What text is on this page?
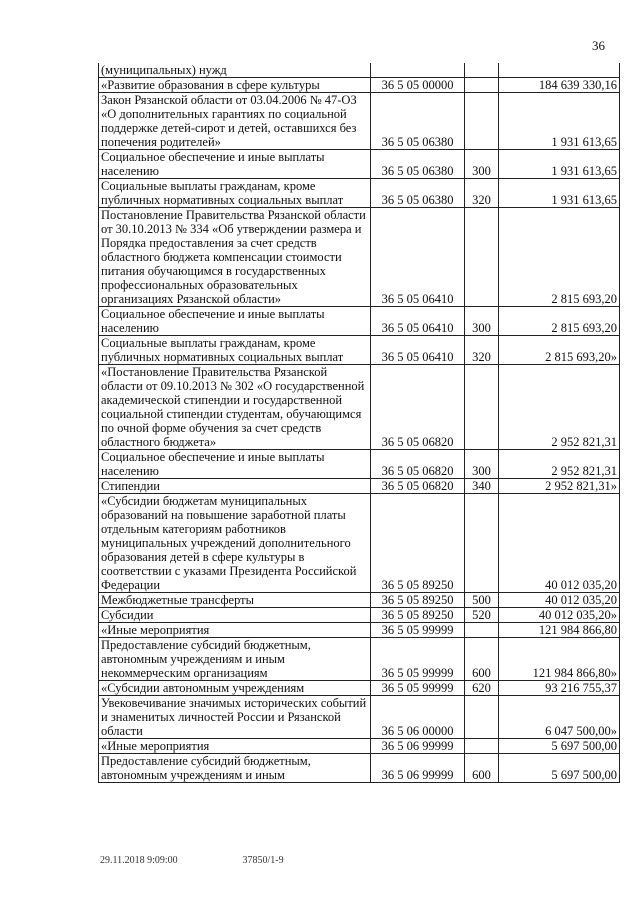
36
(муниципальных) нужд			
«Развитие образования в сфере культуры	36 5 05 00000		184 639 330,16
Закон Рязанской области от 03.04.2006 № 47-ОЗ «О дополнительных гарантиях по социальной поддержке детей-сирот и детей, оставшихся без попечения родителей»	36 5 05 06380		1 931 613,65
Социальное обеспечение и иные выплаты населению	36 5 05 06380	300	1 931 613,65
Социальные выплаты гражданам, кроме публичных нормативных социальных выплат	36 5 05 06380	320	1 931 613,65
Постановление Правительства Рязанской области от 30.10.2013 № 334 «Об утверждении размера и Порядка предоставления за счет средств областного бюджета компенсации стоимости питания обучающимся в государственных профессиональных образовательных организациях Рязанской области»	36 5 05 06410		2 815 693,20
Социальное обеспечение и иные выплаты населению	36 5 05 06410	300	2 815 693,20
Социальные выплаты гражданам, кроме публичных нормативных социальных выплат	36 5 05 06410	320	2 815 693,20»
«Постановление Правительства Рязанской области от 09.10.2013 № 302 «О государственной академической стипендии и государственной социальной стипендии студентам, обучающимся по очной форме обучения за счет средств областного бюджета»	36 5 05 06820		2 952 821,31
Социальное обеспечение и иные выплаты населению	36 5 05 06820	300	2 952 821,31
Стипендии	36 5 05 06820	340	2 952 821,31»
«Субсидии бюджетам муниципальных образований на повышение заработной платы отдельным категориям работников муниципальных учреждений дополнительного образования детей в сфере культуры в соответствии с указами Президента Российской Федерации	36 5 05 89250		40 012 035,20
Межбюджетные трансферты	36 5 05 89250	500	40 012 035,20
Субсидии	36 5 05 89250	520	40 012 035,20»
«Иные мероприятия	36 5 05 99999		121 984 866,80
Предоставление субсидий бюджетным, автономным учреждениям и иным некоммерческим организациям	36 5 05 99999	600	121 984 866,80»
«Субсидии автономным учреждениям	36 5 05 99999	620	93 216 755,37
Увековечивание значимых исторических событий и знаменитых личностей России и Рязанской области	36 5 06 00000		6 047 500,00»
«Иные мероприятия	36 5 06 99999		5 697 500,00
Предоставление субсидий бюджетным, автономным учреждениям и иным	36 5 06 99999	600	5 697 500,00
29.11.2018 9:09:00	37850/1-9
